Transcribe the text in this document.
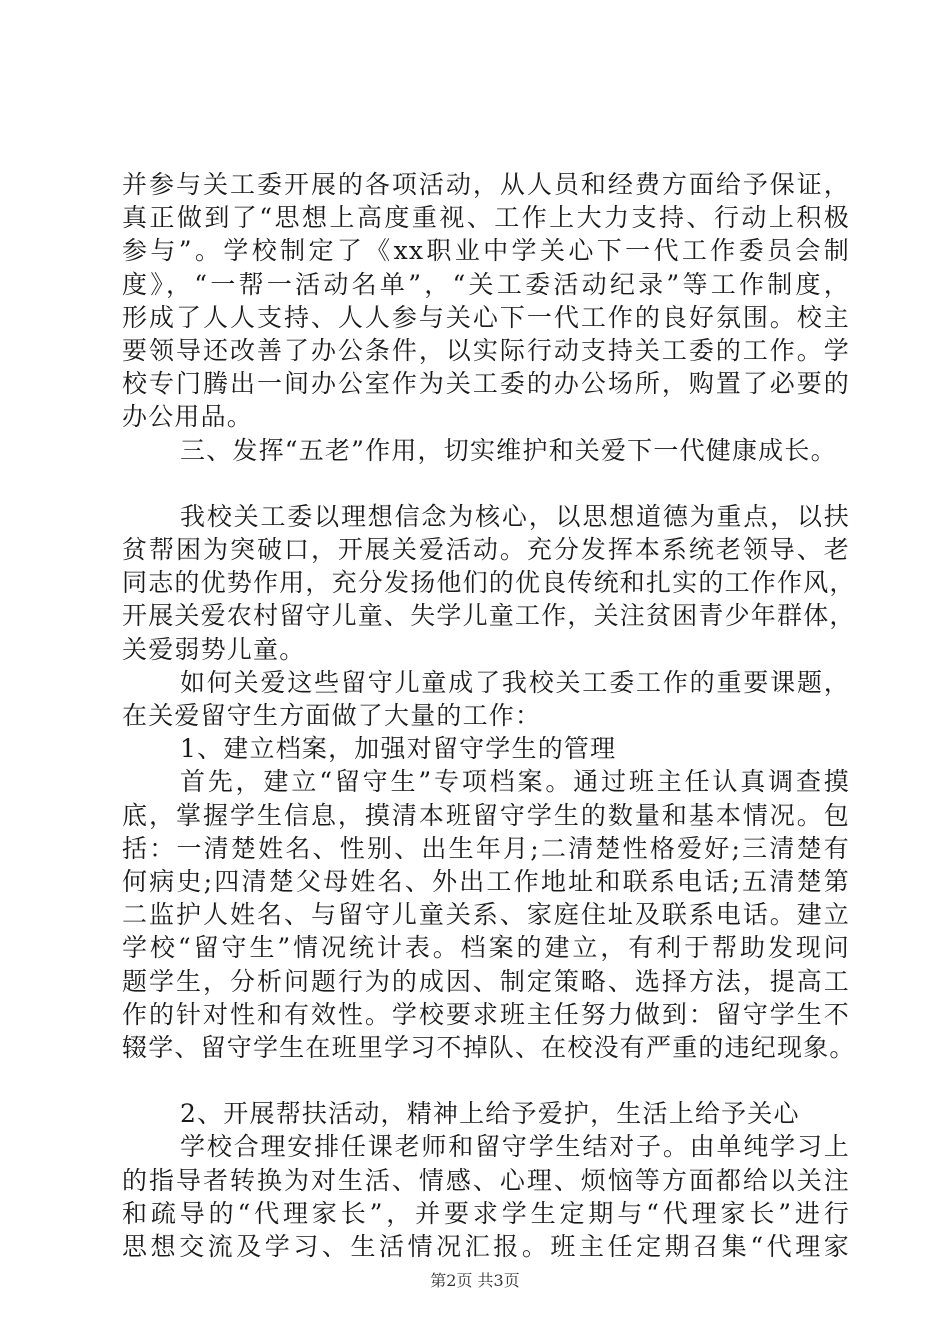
并参与关工委开展的各项活动，从人员和经费方面给予保证，
真正做到了“思想上高度重视、工作上大力支持、行动上积极
参与”。学校制定了《xx职业中学关心下一代工作委员会制
度》，“一帮一活动名单”，“关工委活动纪录”等工作制度，
形成了人人支持、人人参与关心下一代工作的良好氛围。校主
要领导还改善了办公条件，以实际行动支持关工委的工作。学
校专门腾出一间办公室作为关工委的办公场所，购置了必要的
办公用品。
三、发挥“五老”作用，切实维护和关爱下一代健康成长。
我校关工委以理想信念为核心，以思想道德为重点，以扶
贫帮困为突破口，开展关爱活动。充分发挥本系统老领导、老
同志的优势作用，充分发扬他们的优良传统和扎实的工作作风，
开展关爱农村留守儿童、失学儿童工作，关注贫困青少年群体，
关爱弱势儿童。
如何关爱这些留守儿童成了我校关工委工作的重要课题，
在关爱留守生方面做了大量的工作：
1、建立档案，加强对留守学生的管理
首先，建立“留守生”专项档案。通过班主任认真调查摸
底，掌握学生信息，摸清本班留守学生的数量和基本情况。包
括：一清楚姓名、性别、出生年月;二清楚性格爱好;三清楚有
何病史;四清楚父母姓名、外出工作地址和联系电话;五清楚第
二监护人姓名、与留守儿童关系、家庭住址及联系电话。建立
学校“留守生”情况统计表。档案的建立，有利于帮助发现问
题学生，分析问题行为的成因、制定策略、选择方法，提高工
作的针对性和有效性。学校要求班主任努力做到：留守学生不
辍学、留守学生在班里学习不掉队、在校没有严重的违纪现象。
2、开展帮扶活动，精神上给予爱护，生活上给予关心
学校合理安排任课老师和留守学生结对子。由单纯学习上
的指导者转换为对生活、情感、心理、烦恼等方面都给以关注
和疏导的“代理家长”，并要求学生定期与“代理家长”进行
思想交流及学习、生活情况汇报。班主任定期召集“代理家
第2页 共3页
